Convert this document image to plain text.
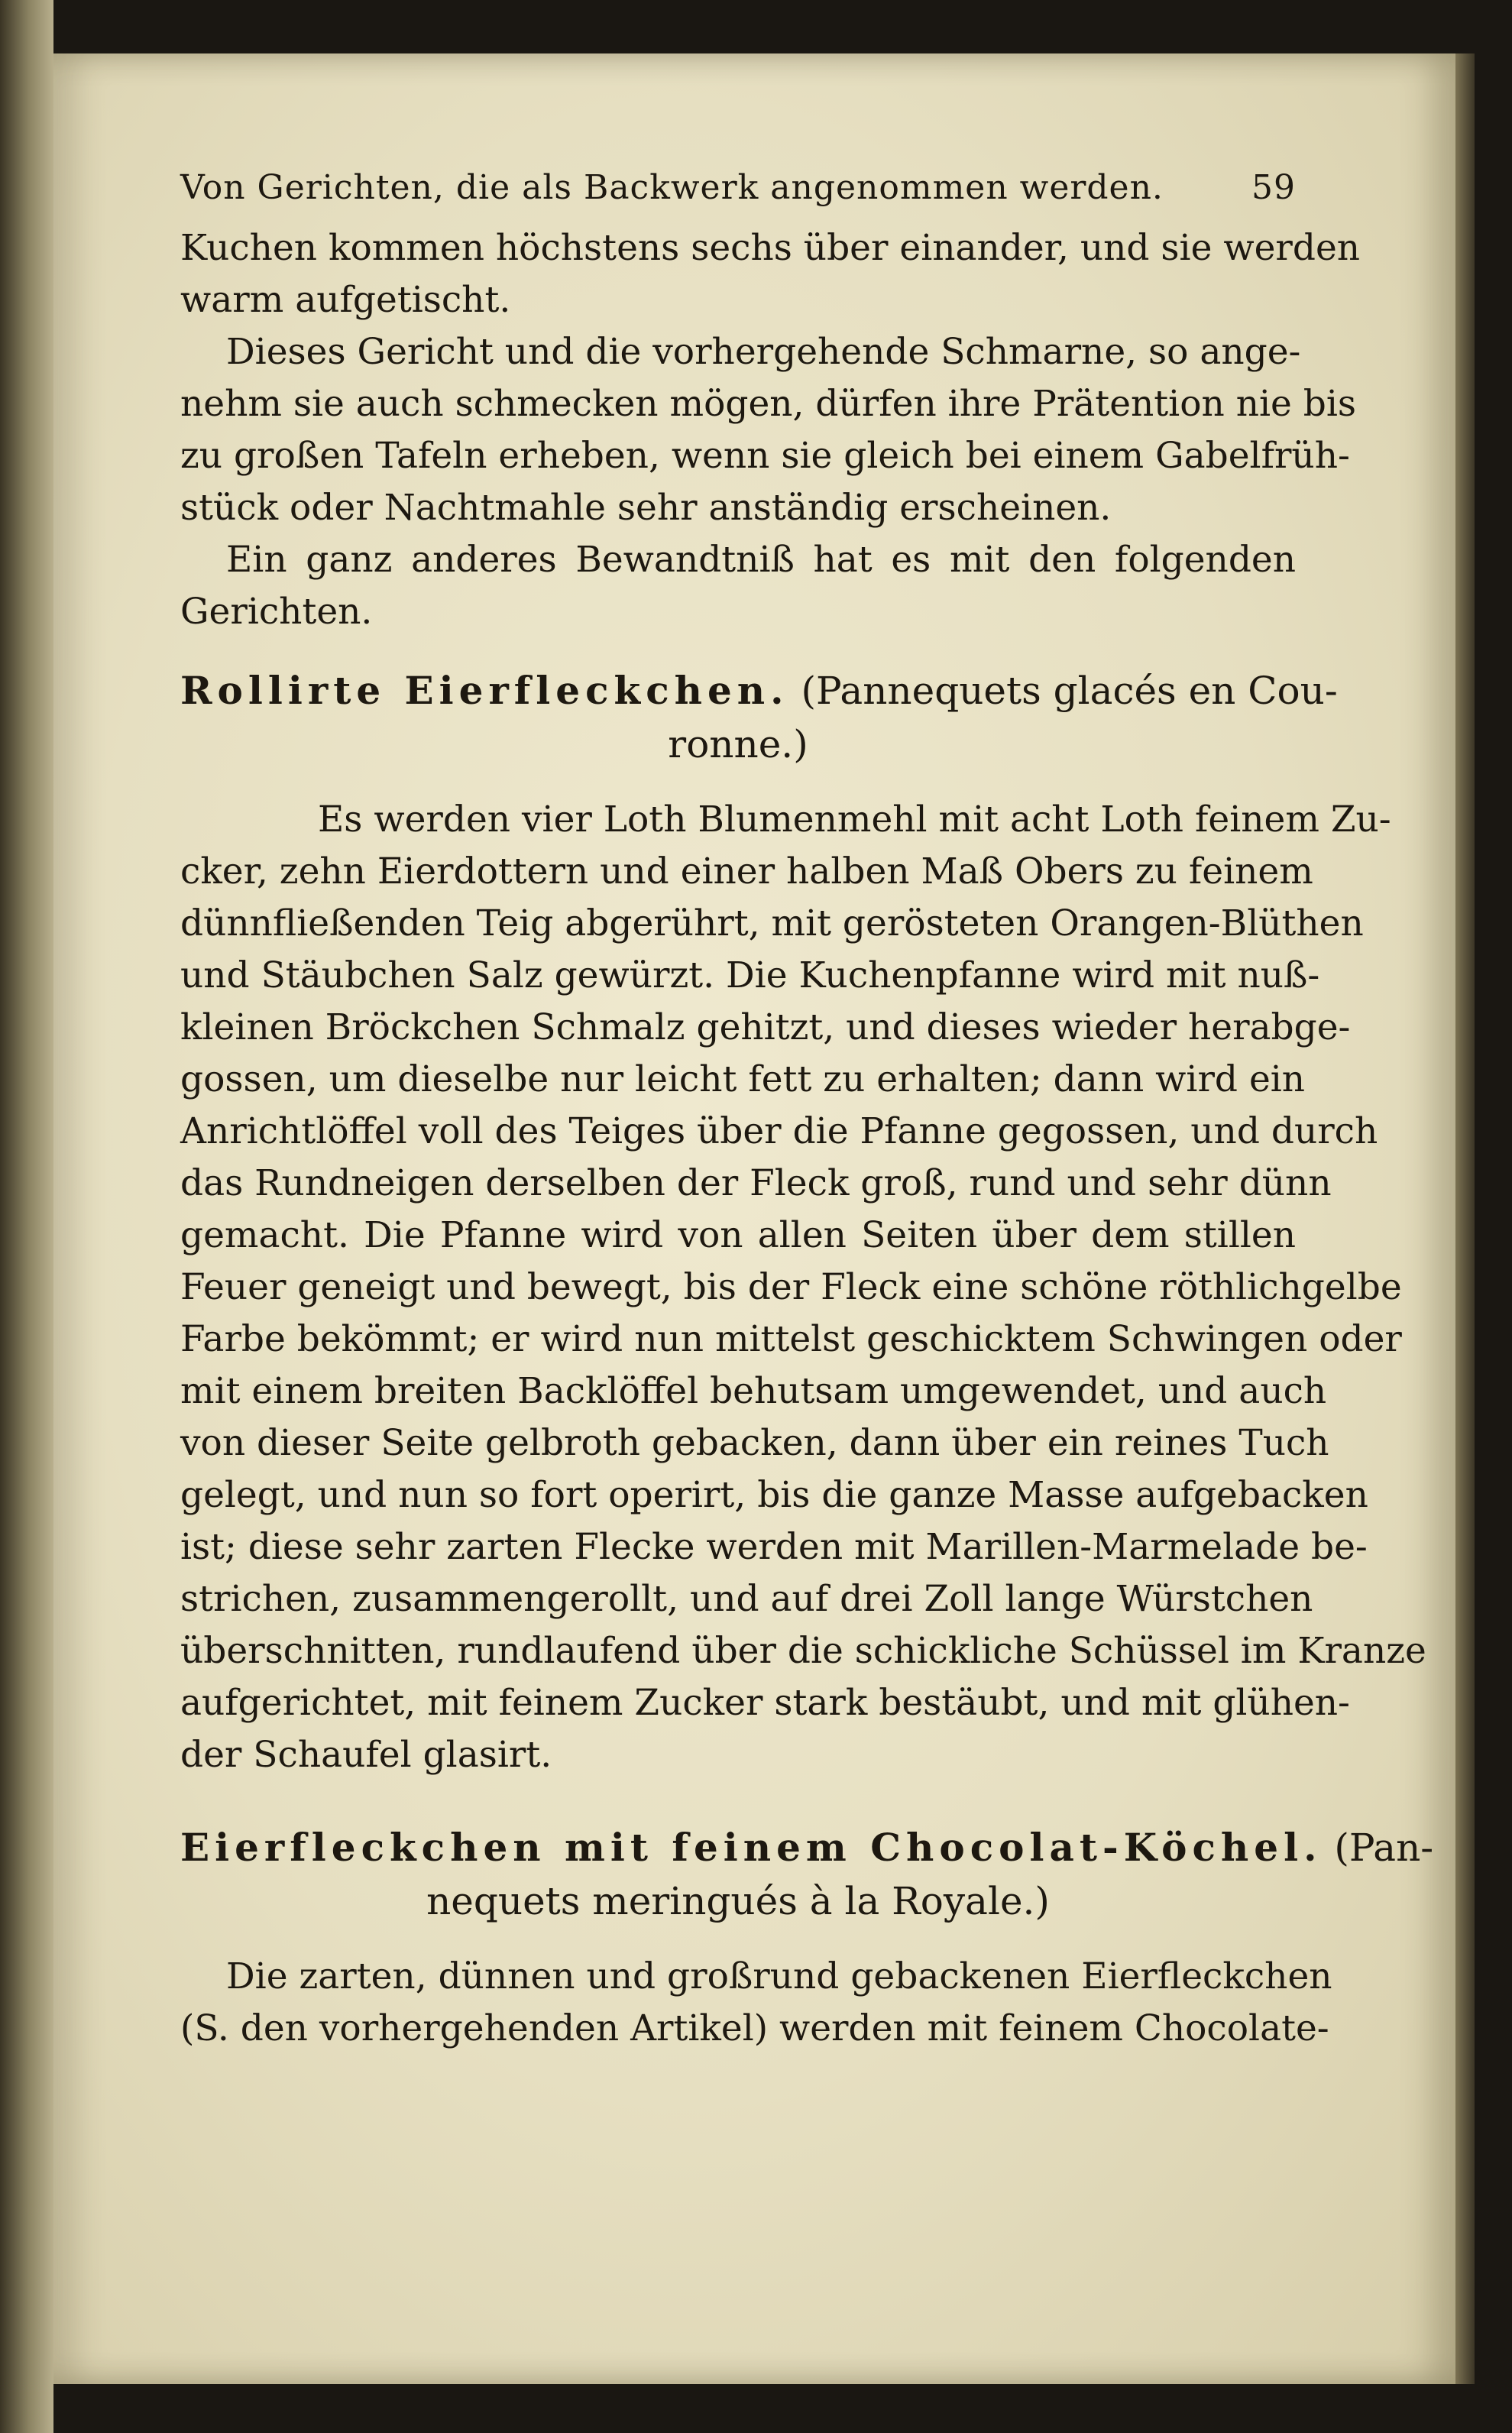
Von Gerichten, die als Backwerk angenommen werden.	59
Kuchen kommen höchstens sechs über einander, und sie werden
warm aufgetischt.
Dieses Gericht und die vorhergehende Schmarne, so ange-
nehm sie auch schmecken mögen, dürfen ihre Prätention nie bis
zu großen Tafeln erheben, wenn sie gleich bei einem Gabelfrüh-
stück oder Nachtmahle sehr anständig erscheinen.
Ein ganz anderes Bewandtniß hat es mit den folgenden
Gerichten.
Rollirte Eierfleckchen. (Pannequets glacés en Cou-
ronne.)
Es werden vier Loth Blumenmehl mit acht Loth feinem Zu-
cker, zehn Eierdottern und einer halben Maß Obers zu feinem
dünnfließenden Teig abgerührt, mit gerösteten Orangen-Blüthen
und Stäubchen Salz gewürzt. Die Kuchenpfanne wird mit nuß-
kleinen Bröckchen Schmalz gehitzt, und dieses wieder herabge-
gossen, um dieselbe nur leicht fett zu erhalten; dann wird ein
Anrichtlöffel voll des Teiges über die Pfanne gegossen, und durch
das Rundneigen derselben der Fleck groß, rund und sehr dünn
gemacht. Die Pfanne wird von allen Seiten über dem stillen
Feuer geneigt und bewegt, bis der Fleck eine schöne röthlichgelbe
Farbe bekömmt; er wird nun mittelst geschicktem Schwingen oder
mit einem breiten Backlöffel behutsam umgewendet, und auch
von dieser Seite gelbroth gebacken, dann über ein reines Tuch
gelegt, und nun so fort operirt, bis die ganze Masse aufgebacken
ist; diese sehr zarten Flecke werden mit Marillen-Marmelade be-
strichen, zusammengerollt, und auf drei Zoll lange Würstchen
überschnitten, rundlaufend über die schickliche Schüssel im Kranze
aufgerichtet, mit feinem Zucker stark bestäubt, und mit glühen-
der Schaufel glasirt.
Eierfleckchen mit feinem Chocolat-Köchel. (Pan-
nequets meringués à la Royale.)
Die zarten, dünnen und großrund gebackenen Eierfleckchen
(S. den vorhergehenden Artikel) werden mit feinem Chocolate-
